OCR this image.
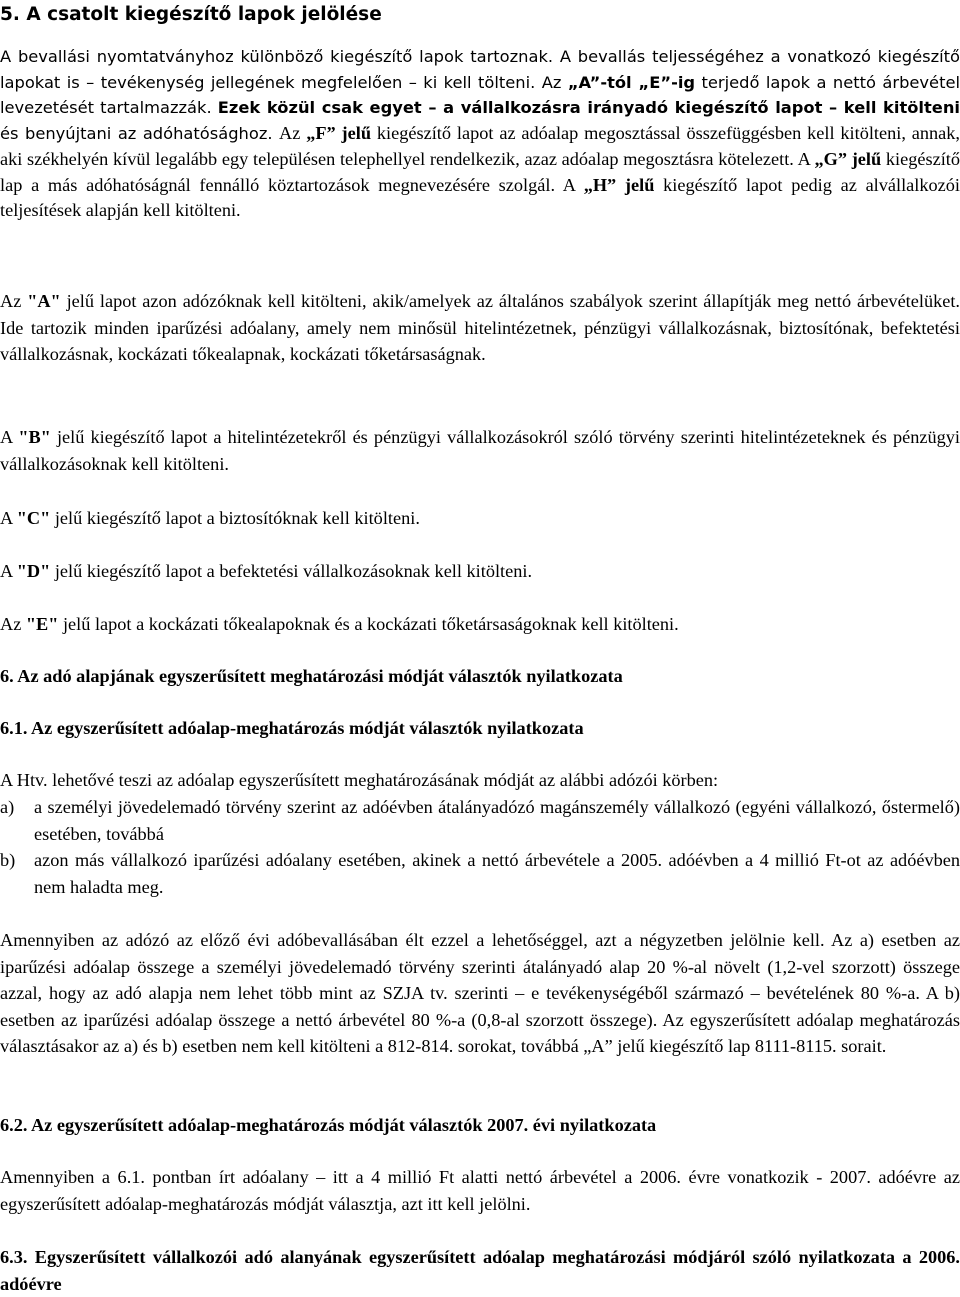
5. A csatolt kiegészítő lapok jelölése
A bevallási nyomtatványhoz különböző kiegészítő lapok tartoznak. A bevallás teljességéhez a vonatkozó kiegészítő lapokat is – tevékenység jellegének megfelelően – ki kell tölteni. Az „A”-tól „E”-ig terjedő lapok a nettó árbevétel levezetését tartalmazzák. Ezek közül csak egyet – a vállalkozásra irányadó kiegészítő lapot – kell kitölteni és benyújtani az adóhatósághoz. Az „F” jelű kiegészítő lapot az adóalap megosztással összefüggésben kell kitölteni, annak, aki székhelyén kívül legalább egy településen telephellyel rendelkezik, azaz adóalap megosztásra kötelezett. A „G” jelű kiegészítő lap a más adóhatóságnál fennálló köztartozások megnevezésére szolgál. A „H” jelű kiegészítő lapot pedig az alvállalkozói teljesítések alapján kell kitölteni.
Az "A" jelű lapot azon adózóknak kell kitölteni, akik/amelyek az általános szabályok szerint állapítják meg nettó árbevételüket. Ide tartozik minden iparűzési adóalany, amely nem minősül hitelintézetnek, pénzügyi vállalkozásnak, biztosítónak, befektetési vállalkozásnak, kockázati tőkealapnak, kockázati tőketársaságnak.
A "B" jelű kiegészítő lapot a hitelintézetekről és pénzügyi vállalkozásokról szóló törvény szerinti hitelintézeteknek és pénzügyi vállalkozásoknak kell kitölteni.
A "C" jelű kiegészítő lapot a biztosítóknak kell kitölteni.
A "D" jelű kiegészítő lapot a befektetési vállalkozásoknak kell kitölteni.
Az "E" jelű lapot a kockázati tőkealapoknak és a kockázati tőketársaságoknak kell kitölteni.
6. Az adó alapjának egyszerűsített meghatározási módját választók nyilatkozata
6.1. Az egyszerűsített adóalap-meghatározás módját választók nyilatkozata
A Htv. lehetővé teszi az adóalap egyszerűsített meghatározásának módját az alábbi adózói körben:
a) a személyi jövedelemadó törvény szerint az adóévben átalányadózó magánszemély vállalkozó (egyéni vállalkozó, őstermelő) esetében, továbbá
b) azon más vállalkozó iparűzési adóalany esetében, akinek a nettó árbevétele a 2005. adóévben a 4 millió Ft-ot az adóévben nem haladta meg.
Amennyiben az adózó az előző évi adóbevallásában élt ezzel a lehetőséggel, azt a négyzetben jelölnie kell. Az a) esetben az iparűzési adóalap összege a személyi jövedelemadó törvény szerinti átalányadó alap 20 %-al növelt (1,2-vel szorzott) összege azzal, hogy az adó alapja nem lehet több mint az SZJA tv. szerinti – e tevékenységéből származó – bevételének 80 %-a. A b) esetben az iparűzési adóalap összege a nettó árbevétel 80 %-a (0,8-al szorzott összege). Az egyszerűsített adóalap meghatározás választásakor az a) és b) esetben nem kell kitölteni a 812-814. sorokat, továbbá „A” jelű kiegészítő lap 8111-8115. sorait.
6.2. Az egyszerűsített adóalap-meghatározás módját választók 2007. évi nyilatkozata
Amennyiben a 6.1. pontban írt adóalany – itt a 4 millió Ft alatti nettó árbevétel a 2006. évre vonatkozik - 2007. adóévre az egyszerűsített adóalap-meghatározás módját választja, azt itt kell jelölni.
6.3. Egyszerűsített vállalkozói adó alanyának egyszerűsített adóalap meghatározási módjáról szóló nyilatkozata a 2006. adóévre
